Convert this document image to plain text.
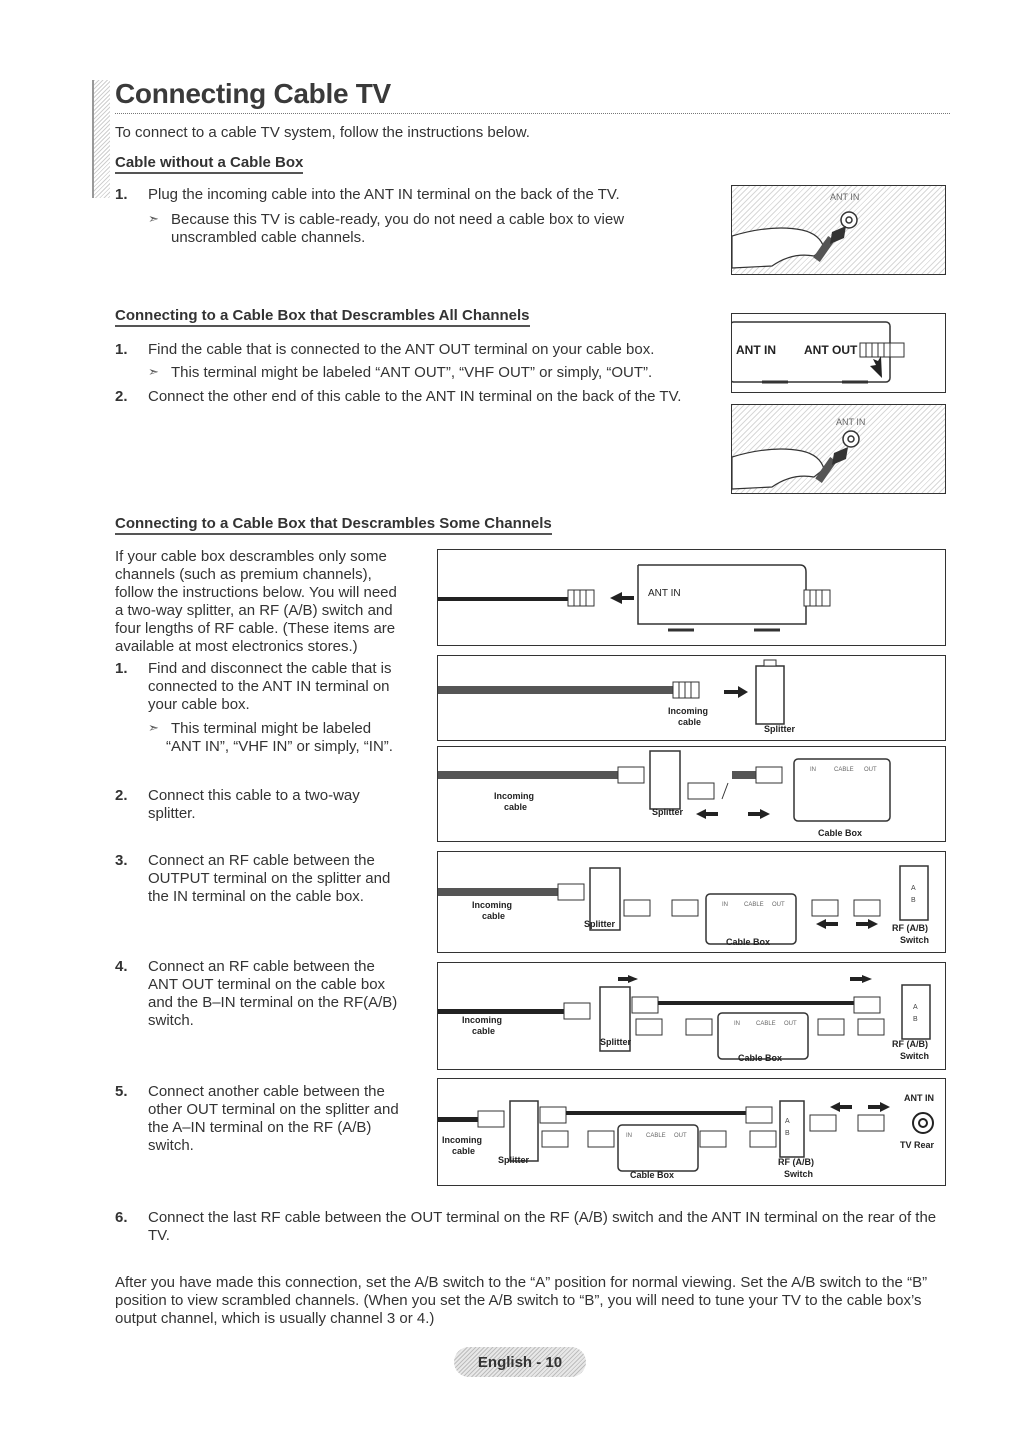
Connecting Cable TV
To connect to a cable TV system, follow the instructions below.
Cable without a Cable Box
1. Plug the incoming cable into the ANT IN terminal on the back of the TV.
➣ Because this TV is cable-ready, you do not need a cable box to view
unscrambled cable channels.
ANT IN
Connecting to a Cable Box that Descrambles All Channels
1. Find the cable that is connected to the ANT OUT terminal on your cable box.
➣ This terminal might be labeled “ANT OUT”, “VHF OUT” or simply, “OUT”.
2. Connect the other end of this cable to the ANT IN terminal on the back of the TV.
ANT IN ANT OUT
ANT IN
Connecting to a Cable Box that Descrambles Some Channels
If your cable box descrambles only some
channels (such as premium channels),
follow the instructions below. You will need
a two-way splitter, an RF (A/B) switch and
four lengths of RF cable. (These items are
available at most electronics stores.)
1. Find and disconnect the cable that is
connected to the ANT IN terminal on
your cable box.
➣ This terminal might be labeled
“ANT IN”, “VHF IN” or simply, “IN”.
2. Connect this cable to a two-way
splitter.
3. Connect an RF cable between the
OUTPUT terminal on the splitter and
the IN terminal on the cable box.
4. Connect an RF cable between the
ANT OUT terminal on the cable box
and the B–IN terminal on the RF(A/B)
switch.
5. Connect another cable between the
other OUT terminal on the splitter and
the A–IN terminal on the RF (A/B)
switch.
6. Connect the last RF cable between the OUT terminal on the RF (A/B) switch and the ANT IN terminal on the rear of the
TV.
After you have made this connection, set the A/B switch to the “A” position for normal viewing. Set the A/B switch to the “B”
position to view scrambled channels. (When you set the A/B switch to “B”, you will need to tune your TV to the cable box’s
output channel, which is usually channel 3 or 4.)
ANT IN
Incoming
cable
Splitter
Incoming
cable	Splitter
IN	CABLE OUT
Cable Box
Incoming
cable
Splitter
IN	CABLE OUT
Cable Box
A
B
RF (A/B)
Switch
Incoming
cable
Splitter
IN	CABLE OUT
Cable Box
A
B
RF (A/B)
Switch
Incoming
cable
Splitter
IN CABLE OUT
Cable Box
A
B
RF (A/B)
Switch
ANT IN
TV Rear
English - 10
